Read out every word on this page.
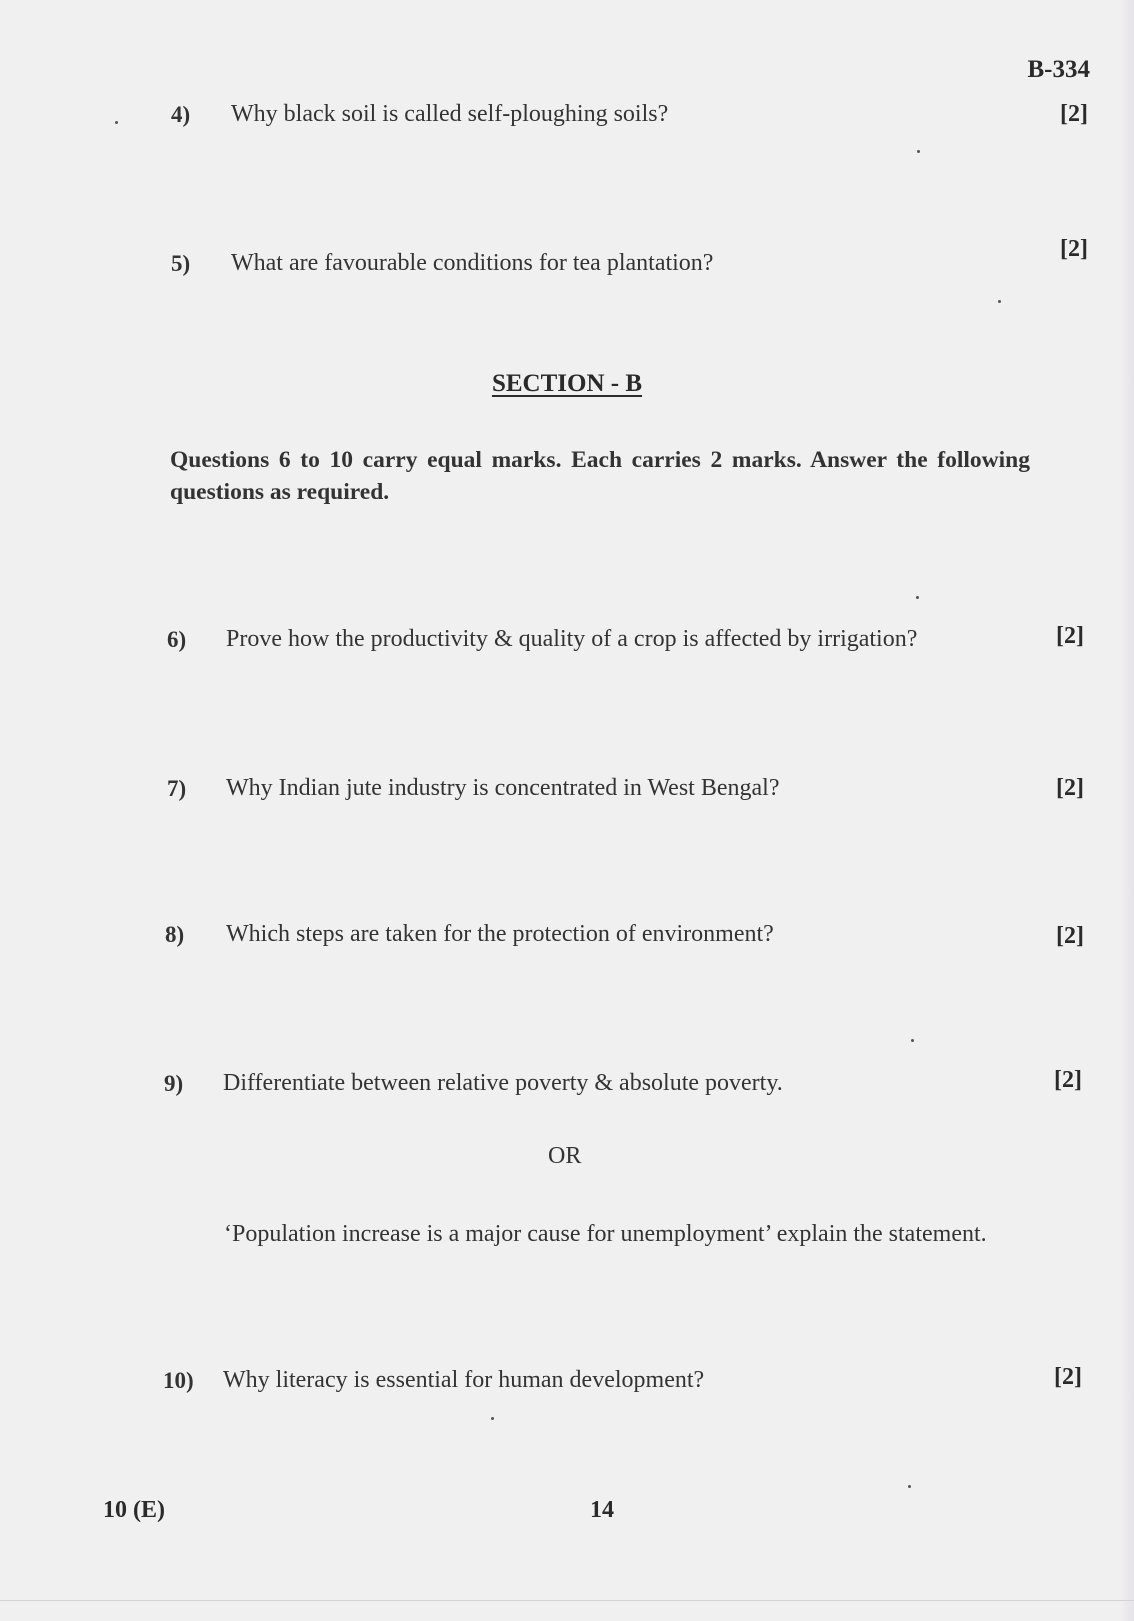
B-334
4) Why black soil is called self-ploughing soils?	[2]
5) What are favourable conditions for tea plantation?
[2]
SECTION - B
Questions 6 to 10 carry equal marks. Each carries 2 marks. Answer the following questions as required.
6) Prove how the productivity & quality of a crop is affected by irrigation?	[2]
7) Why Indian jute industry is concentrated in West Bengal?	[2]
8) Which steps are taken for the protection of environment?	[2]
9) Differentiate between relative poverty & absolute poverty.	[2]
OR
‘Population increase is a major cause for unemployment’ explain the statement.
10) Why literacy is essential for human development?	[2]
10 (E)	14
